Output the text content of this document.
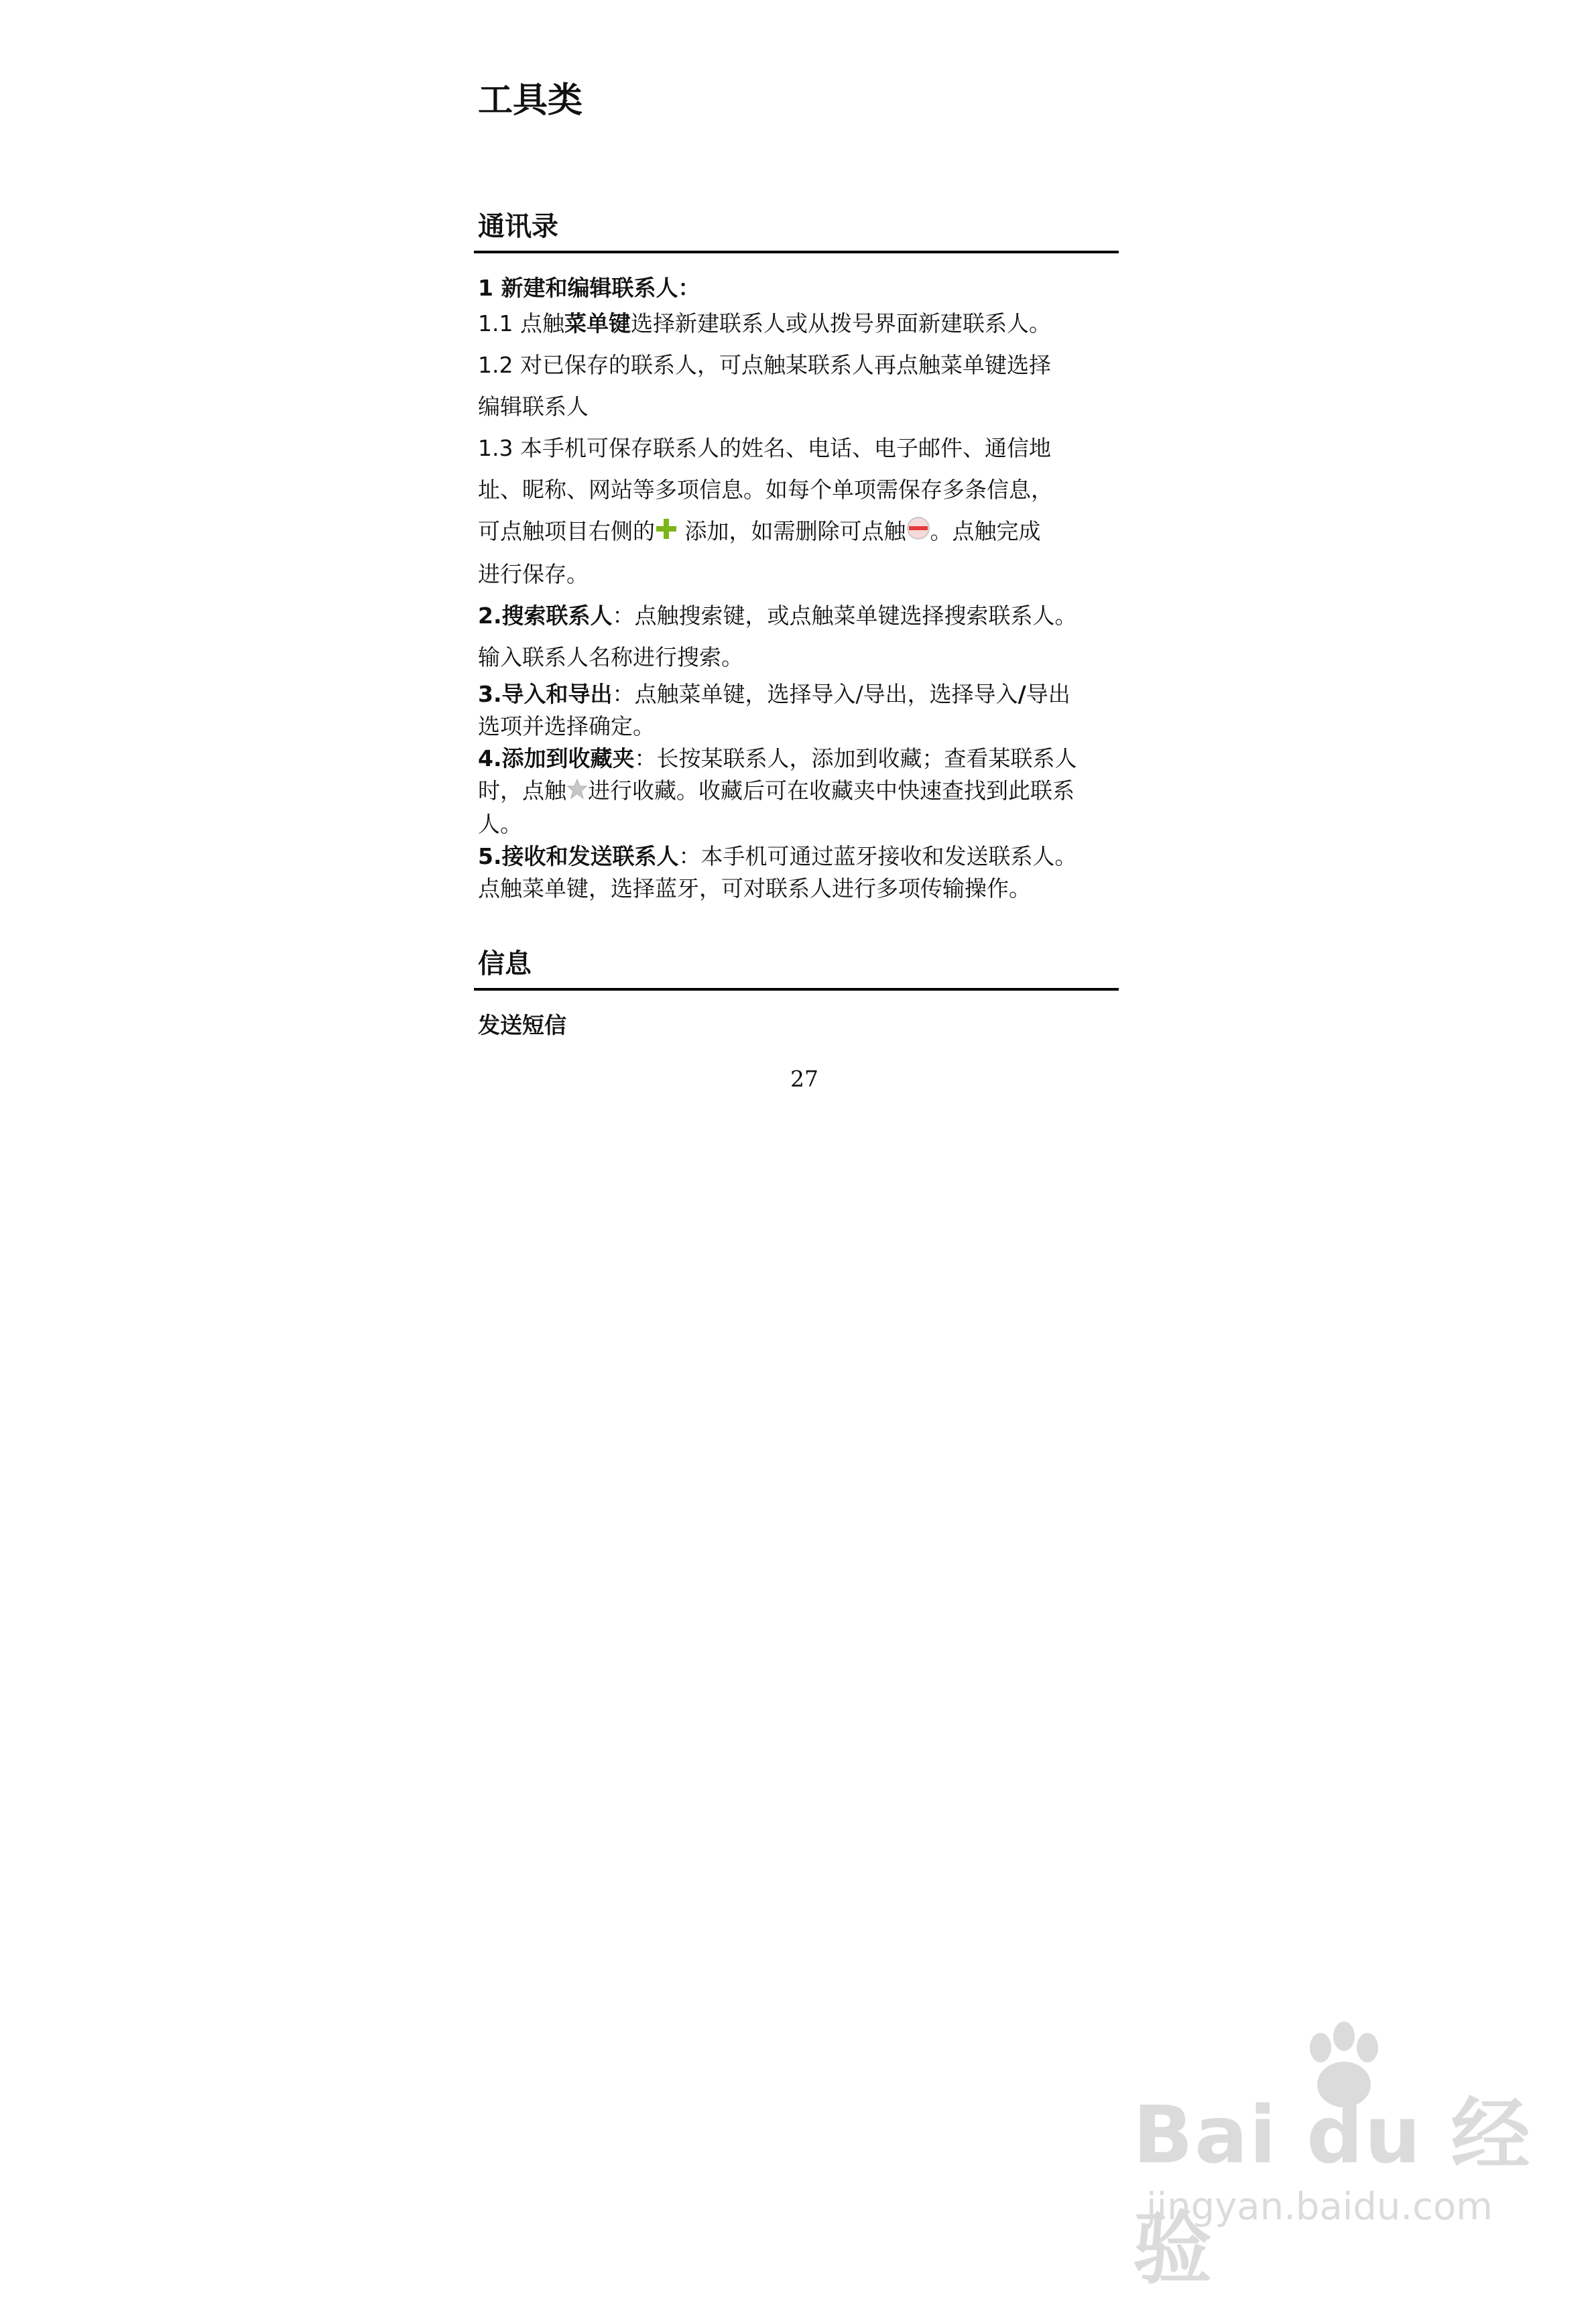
工具类
通讯录
1 新建和编辑联系人：

1.1 点触菜单键选择新建联系人或从拨号界面新建联系人。

1.2 对已保存的联系人，可点触某联系人再点触菜单键选择
编辑联系人

1.3 本手机可保存联系人的姓名、电话、电子邮件、通信地
址、昵称、网站等多项信息。如每个单项需保存多条信息，
可点触项目右侧的 添加，如需删除可点触 。点触完成
进行保存。

2.搜索联系人：点触搜索键，或点触菜单键选择搜索联系人。
输入联系人名称进行搜索。

3.导入和导出：点触菜单键，选择导入/导出，选择导入/导出
选项并选择确定。

4.添加到收藏夹：长按某联系人，添加到收藏；查看某联系人
时，点触 进行收藏。收藏后可在收藏夹中快速查找到此联系
人。

5.接收和发送联系人：本手机可通过蓝牙接收和发送联系人。
点触菜单键，选择蓝牙，可对联系人进行多项传输操作。

信息
发送短信
27
Bai du 经验
jingyan.baidu.com
